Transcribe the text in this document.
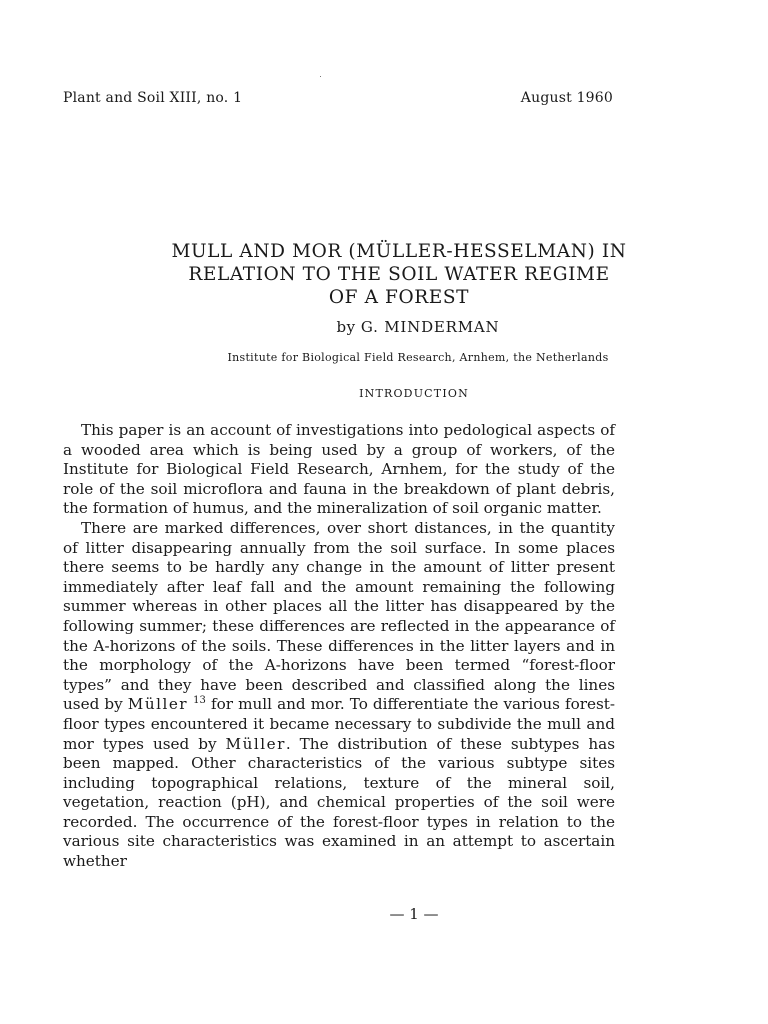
Plant and Soil XIII, no. 1	August 1960
MULL AND MOR (MÜLLER-HESSELMAN) IN
RELATION TO THE SOIL WATER REGIME
OF A FOREST
by G. MINDERMAN
Institute for Biological Field Research, Arnhem, the Netherlands
INTRODUCTION

This paper is an account of investigations into pedological aspects of a wooded area which is being used by a group of workers, of the Institute for Biological Field Research, Arnhem, for the study of the role of the soil microflora and fauna in the breakdown of plant debris, the formation of humus, and the mineralization of soil organic matter.

There are marked differences, over short distances, in the quantity of litter disappearing annually from the soil surface. In some places there seems to be hardly any change in the amount of litter present immediately after leaf fall and the amount remaining the following summer whereas in other places all the litter has disappeared by the following summer; these differences are reflected in the appearance of the A-horizons of the soils. These differences in the litter layers and in the morphology of the A-horizons have been termed “forest-floor types” and they have been described and classified along the lines used by Müller $^{13}$ for mull and mor. To differentiate the various forest-floor types encountered it became necessary to subdivide the mull and mor types used by Müller. The distribution of these subtypes has been mapped. Other characteristics of the various subtype sites including topographical relations, texture of the mineral soil, vegetation, reaction (pH), and chemical properties of the soil were recorded. The occurrence of the forest-floor types in relation to the various site characteristics was examined in an attempt to ascertain whether

— 1 —
